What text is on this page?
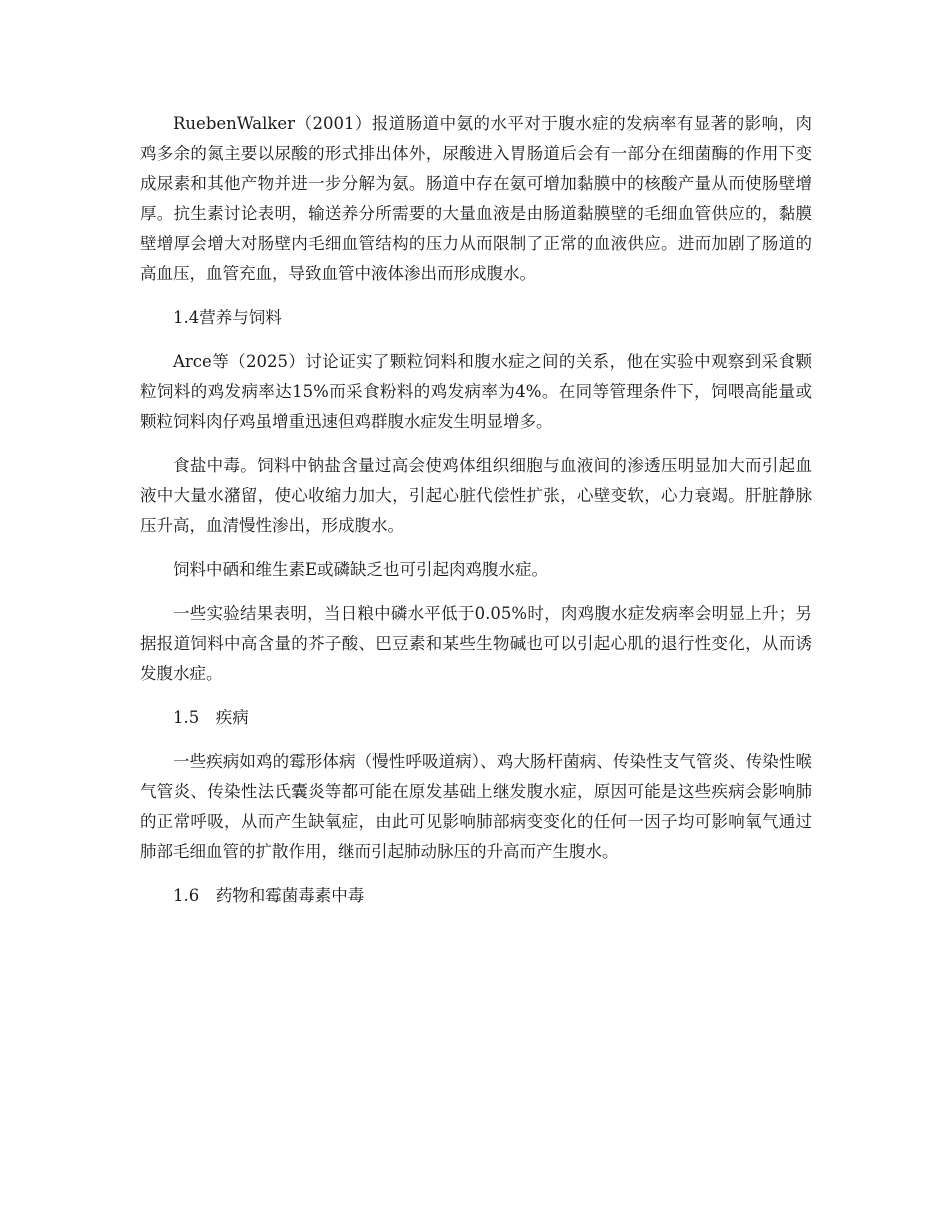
RuebenWalker（2001）报道肠道中氨的水平对于腹水症的发病率有显著的影响，肉鸡多余的氮主要以尿酸的形式排出体外，尿酸进入胃肠道后会有一部分在细菌酶的作用下变成尿素和其他产物并进一步分解为氨。肠道中存在氨可增加黏膜中的核酸产量从而使肠壁增厚。抗生素讨论表明，输送养分所需要的大量血液是由肠道黏膜壁的毛细血管供应的，黏膜壁增厚会增大对肠壁内毛细血管结构的压力从而限制了正常的血液供应。进而加剧了肠道的高血压，血管充血，导致血管中液体渗出而形成腹水。

1.4营养与饲料

Arce等（2025）讨论证实了颗粒饲料和腹水症之间的关系，他在实验中观察到采食颗粒饲料的鸡发病率达15%而采食粉料的鸡发病率为4%。在同等管理条件下，饲喂高能量或颗粒饲料肉仔鸡虽增重迅速但鸡群腹水症发生明显增多。

食盐中毒。饲料中钠盐含量过高会使鸡体组织细胞与血液间的渗透压明显加大而引起血液中大量水潴留，使心收缩力加大，引起心脏代偿性扩张，心壁变软，心力衰竭。肝脏静脉压升高，血清慢性渗出，形成腹水。

饲料中硒和维生素E或磷缺乏也可引起肉鸡腹水症。

一些实验结果表明，当日粮中磷水平低于0.05%时，肉鸡腹水症发病率会明显上升；另据报道饲料中高含量的芥子酸、巴豆素和某些生物碱也可以引起心肌的退行性变化，从而诱发腹水症。

1.5　疾病

一些疾病如鸡的霉形体病（慢性呼吸道病）、鸡大肠杆菌病、传染性支气管炎、传染性喉气管炎、传染性法氏囊炎等都可能在原发基础上继发腹水症，原因可能是这些疾病会影响肺的正常呼吸，从而产生缺氧症，由此可见影响肺部病变变化的任何一因子均可影响氧气通过肺部毛细血管的扩散作用，继而引起肺动脉压的升高而产生腹水。

1.6　药物和霉菌毒素中毒
